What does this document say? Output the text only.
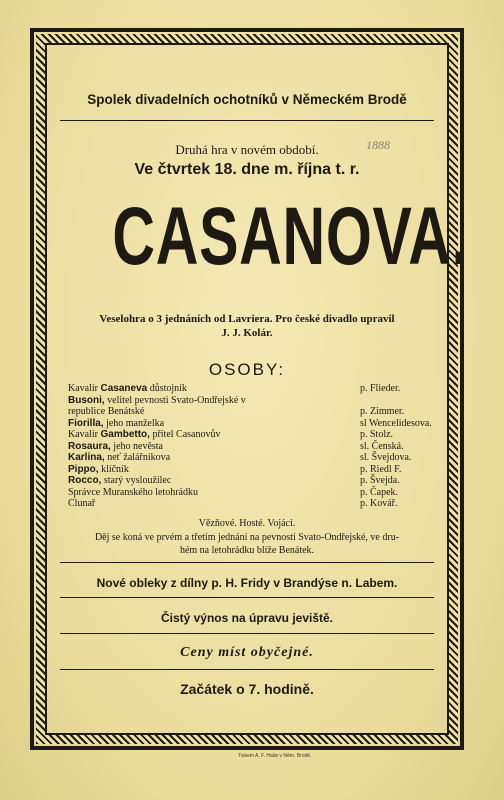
Spolek divadelních ochotníků v Německém Brodě
Druhá hra v novém období.	1888
Ve čtvrtek 18. dne m. října t. r.
CASANOVA.
Veselohra o 3 jednáních od Lavriera. Pro české divadlo upravil
J. J. Kolár.
OSOBY:
Kavalír Casaneva důstojník	p. Flieder.
Busoni, velitel pevnosti Svato-Ondřejské v
republice Benátské	p. Zimmer.
Fiorilla, jeho manželka	sl Wencelidesova.
Kavalír Gambetto, přítel Casanovův	p. Stolz.
Rosaura, jeho nevěsta	sl. Čenská.
Karlina, neť žalářníkova	sl. Švejdova.
Pippo, klíčník	p. Riedl F.
Rocco, starý vysloužilec	p. Švejda.
Správce Muranského letohrádku	p. Čapek.
Člunař	p. Kovář.
Vězňové. Hosté. Vojáci.
Děj se koná ve prvém a třetím jednání na pevnosti Svato-Ondřejské, ve dru-
hém na letohrádku blíže Benátek.
Nové obleky z dílny p. H. Fridy v Brandýse n. Labem.
Čistý výnos na úpravu jeviště.
Ceny míst obyčejné.
Začátek o 7. hodině.
Tiskem A. F. Haše v Něm. Brodě.
